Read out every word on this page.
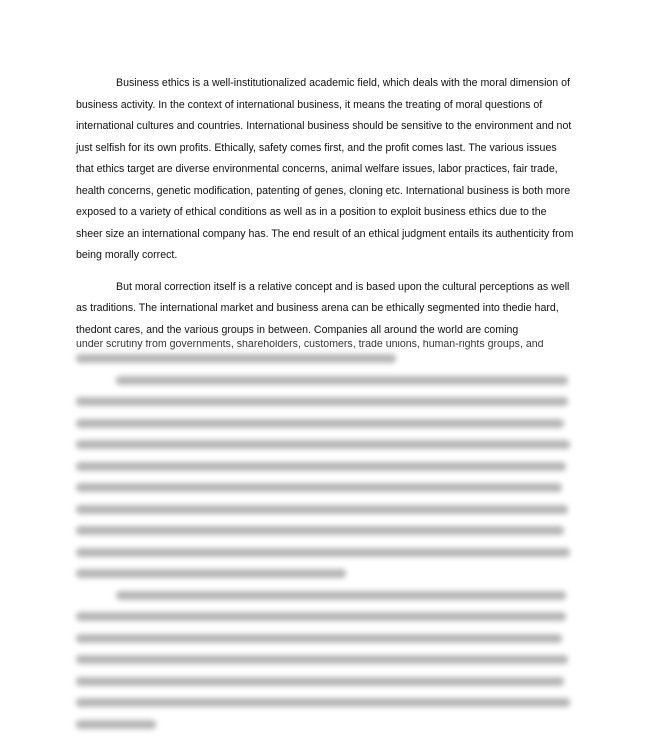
Business ethics is a well-institutionalized academic field, which deals with the moral dimension of business activity. In the context of international business, it means the treating of moral questions of international cultures and countries. International business should be sensitive to the environment and not just selfish for its own profits. Ethically, safety comes first, and the profit comes last. The various issues that ethics target are diverse environmental concerns, animal welfare issues, labor practices, fair trade, health concerns, genetic modification, patenting of genes, cloning etc. International business is both more exposed to a variety of ethical conditions as well as in a position to exploit business ethics due to the sheer size an international company has. The end result of an ethical judgment entails its authenticity from being morally correct.

But moral correction itself is a relative concept and is based upon the cultural perceptions as well as traditions. The international market and business arena can be ethically segmented into thedie hard, thedont cares, and the various groups in between. Companies all around the world are coming

under scrutiny from governments, shareholders, customers, trade unions, human-rights groups, and
